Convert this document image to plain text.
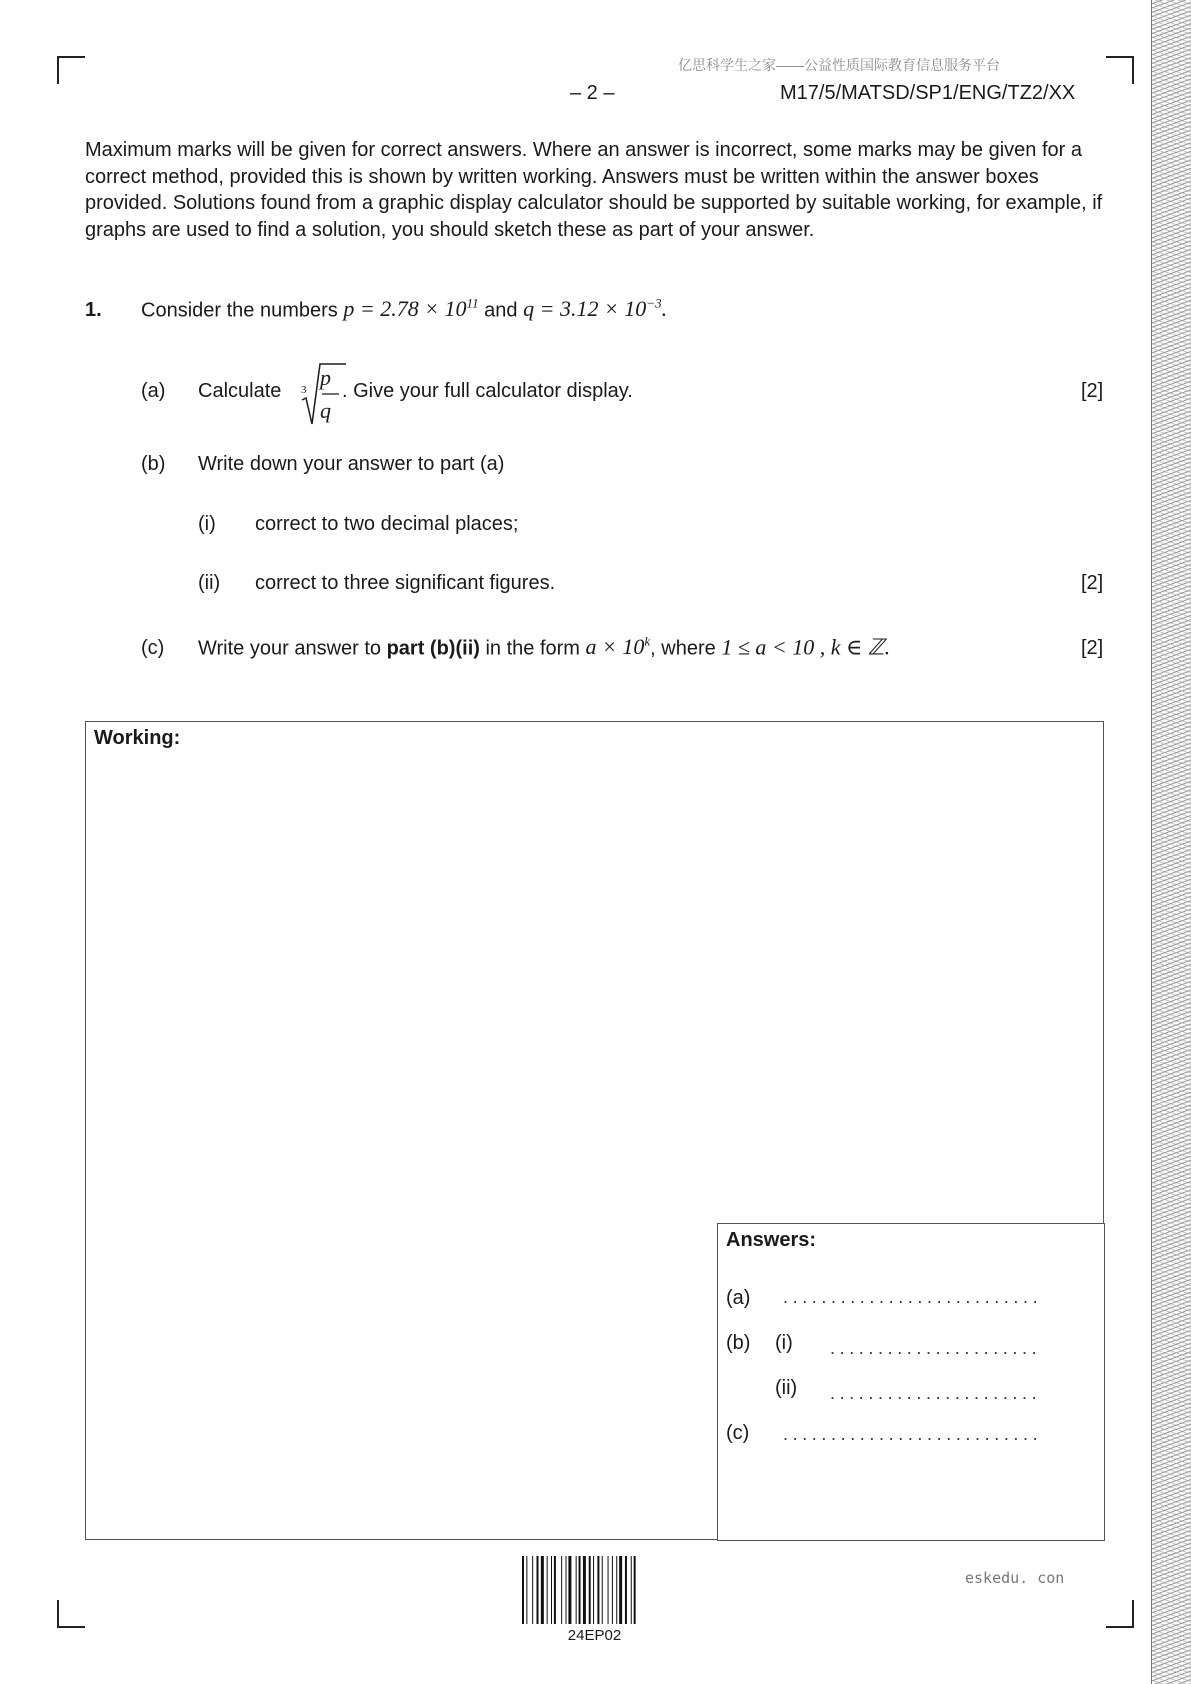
亿思科学生之家——公益性质国际教育信息服务平台
– 2 –	M17/5/MATSD/SP1/ENG/TZ2/XX

Maximum marks will be given for correct answers. Where an answer is incorrect, some marks may be given for a correct method, provided this is shown by written working. Answers must be written within the answer boxes provided. Solutions found from a graphic display calculator should be supported by suitable working, for example, if graphs are used to find a solution, you should sketch these as part of your answer.

1. Consider the numbers $p = 2.78 \times 10^{11}$ and $q = 3.12 \times 10^{-3}$.
(a) Calculate 3 p
q
. Give your full calculator display.	[2]
(b) Write down your answer to part (a)
(i) correct to two decimal places;
(ii) correct to three significant figures.	[2]
(c) Write your answer to part (b)(ii) in the form $a \times 10^k$, where 1 ≤ a < 10 , k ∈ ℤ.	[2]
Working:
Answers:
(a) ...........................
(b) (i) ......................
(ii) ......................
(c) ...........................
24EP02
eskedu. con
